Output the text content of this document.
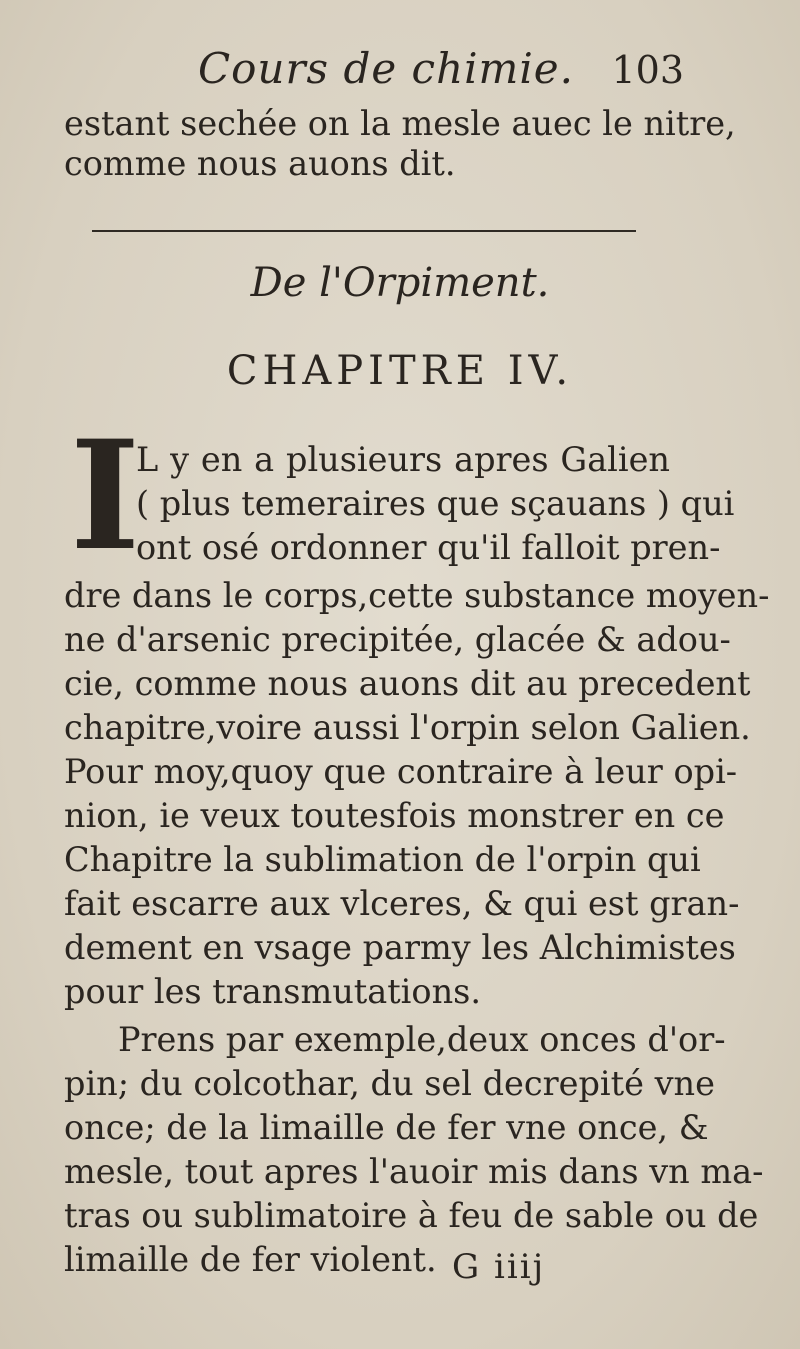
Cours de chimie. 103
estant sechée on la mesle auec le nitre,
comme nous auons dit.
De l'Orpiment.
CHAPITRE IV.
I
L y en a plusieurs apres Galien
( plus temeraires que sçauans ) qui
ont osé ordonner qu'il falloit pren-
dre dans le corps,cette substance moyen-
ne d'arsenic precipitée, glacée & adou-
cie, comme nous auons dit au precedent
chapitre,voire aussi l'orpin selon Galien.
Pour moy,quoy que contraire à leur opi-
nion, ie veux toutesfois monstrer en ce
Chapitre la sublimation de l'orpin qui
fait escarre aux vlceres, & qui est gran-
dement en vsage parmy les Alchimistes
pour les transmutations.
Prens par exemple,deux onces d'or-
pin; du colcothar, du sel decrepité vne
once; de la limaille de fer vne once, &
mesle, tout apres l'auoir mis dans vn ma-
tras ou sublimatoire à feu de sable ou de
limaille de fer violent. G iiij
